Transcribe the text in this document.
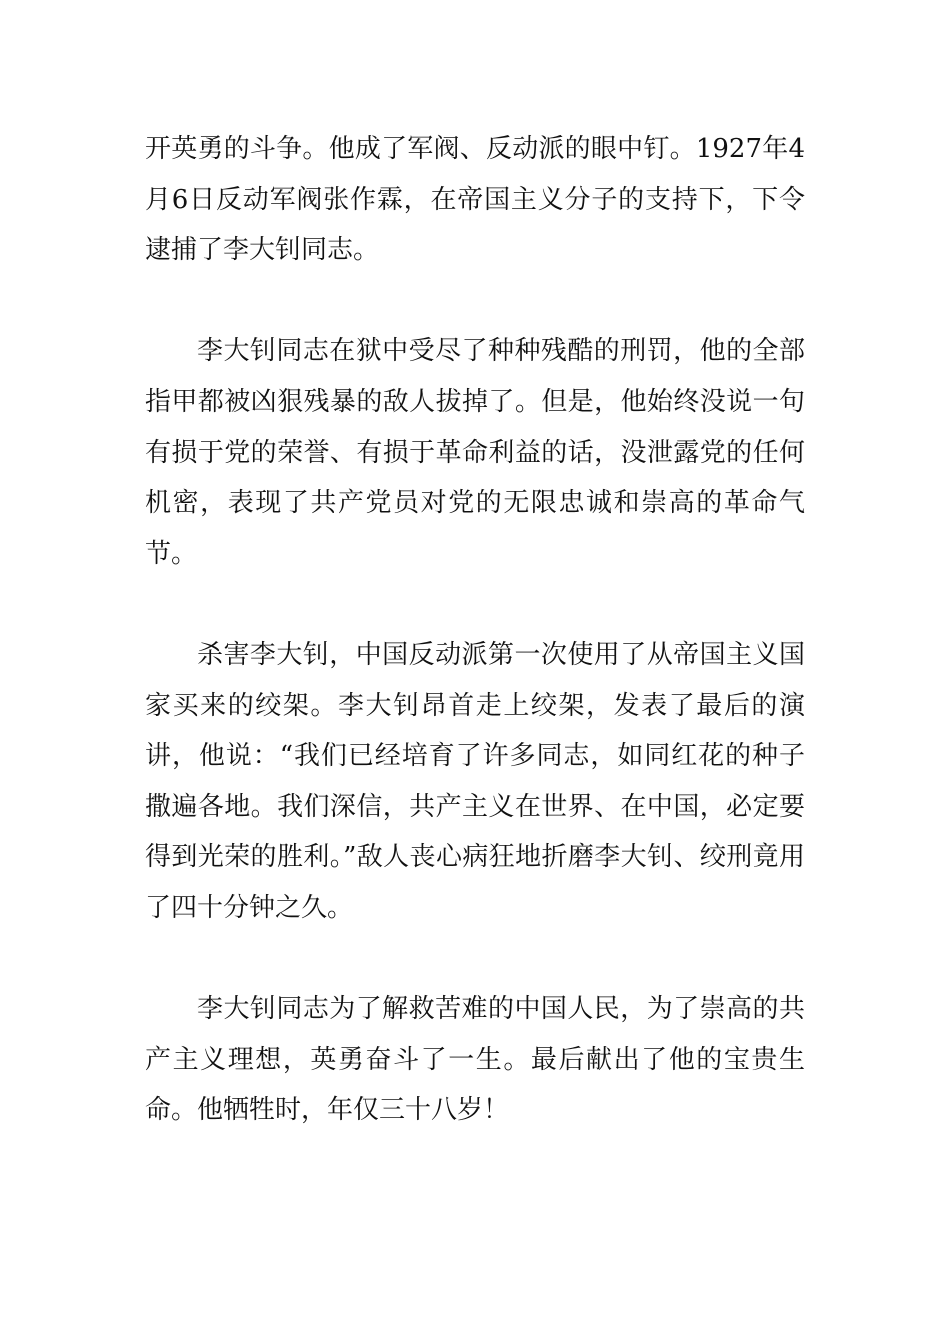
开英勇的斗争。他成了军阀、反动派的眼中钉。1927年4月6日反动军阀张作霖，在帝国主义分子的支持下，下令逮捕了李大钊同志。

李大钊同志在狱中受尽了种种残酷的刑罚，他的全部指甲都被凶狠残暴的敌人拔掉了。但是，他始终没说一句有损于党的荣誉、有损于革命利益的话，没泄露党的任何机密，表现了共产党员对党的无限忠诚和崇高的革命气节。

杀害李大钊，中国反动派第一次使用了从帝国主义国家买来的绞架。李大钊昂首走上绞架，发表了最后的演讲，他说：“我们已经培育了许多同志，如同红花的种子撒遍各地。我们深信，共产主义在世界、在中国，必定要得到光荣的胜利。”敌人丧心病狂地折磨李大钊、绞刑竟用了四十分钟之久。

李大钊同志为了解救苦难的中国人民，为了崇高的共产主义理想，英勇奋斗了一生。最后献出了他的宝贵生命。他牺牲时，年仅三十八岁！
